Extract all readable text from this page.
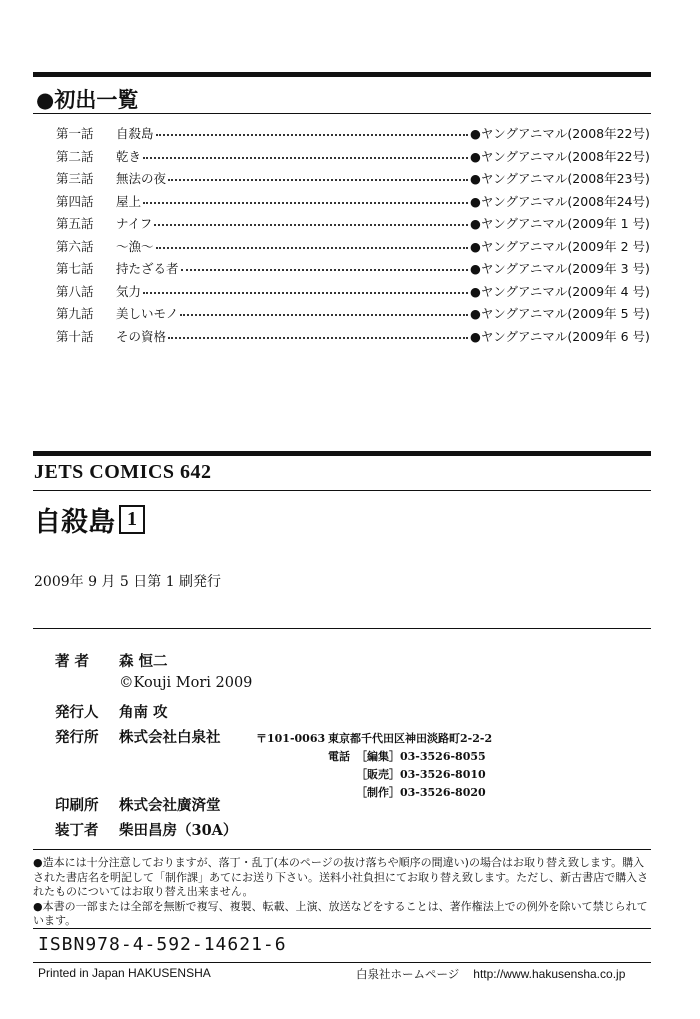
●初出一覧
第一話	自殺島	●ヤングアニマル(2008年22号)
第二話	乾き	●ヤングアニマル(2008年22号)
第三話	無法の夜	●ヤングアニマル(2008年23号)
第四話	屋上	●ヤングアニマル(2008年24号)
第五話	ナイフ	●ヤングアニマル(2009年 1 号)
第六話	～漁～	●ヤングアニマル(2009年 2 号)
第七話	持たざる者	●ヤングアニマル(2009年 3 号)
第八話	気力	●ヤングアニマル(2009年 4 号)
第九話	美しいモノ	●ヤングアニマル(2009年 5 号)
第十話	その資格	●ヤングアニマル(2009年 6 号)
JETS COMICS 642
自殺島 1
2009年 9 月 5 日第 1 刷発行
著 者 森 恒二
©Kouji Mori 2009
発行人 角南 攻
発行所 株式会社白泉社	〒101-0063 東京都千代田区神田淡路町2-2-2
電話 ［編集］03-3526-8055
［販売］03-3526-8010
［制作］03-3526-8020
印刷所 株式会社廣済堂
装丁者 柴田昌房（30A）

●造本には十分注意しておりますが、落丁・乱丁(本のページの抜け落ちや順序の間違い)の場合はお取り替え致します。購入された書店名を明記して「制作課」あてにお送り下さい。送料小社負担にてお取り替え致します。ただし、新古書店で購入されたものについてはお取り替え出来ません。

●本書の一部または全部を無断で複写、複製、転載、上演、放送などをすることは、著作権法上での例外を除いて禁じられています。

ISBN978-4-592-14621-6
Printed in Japan HAKUSENSHA	白泉社ホームページ http://www.hakusensha.co.jp
